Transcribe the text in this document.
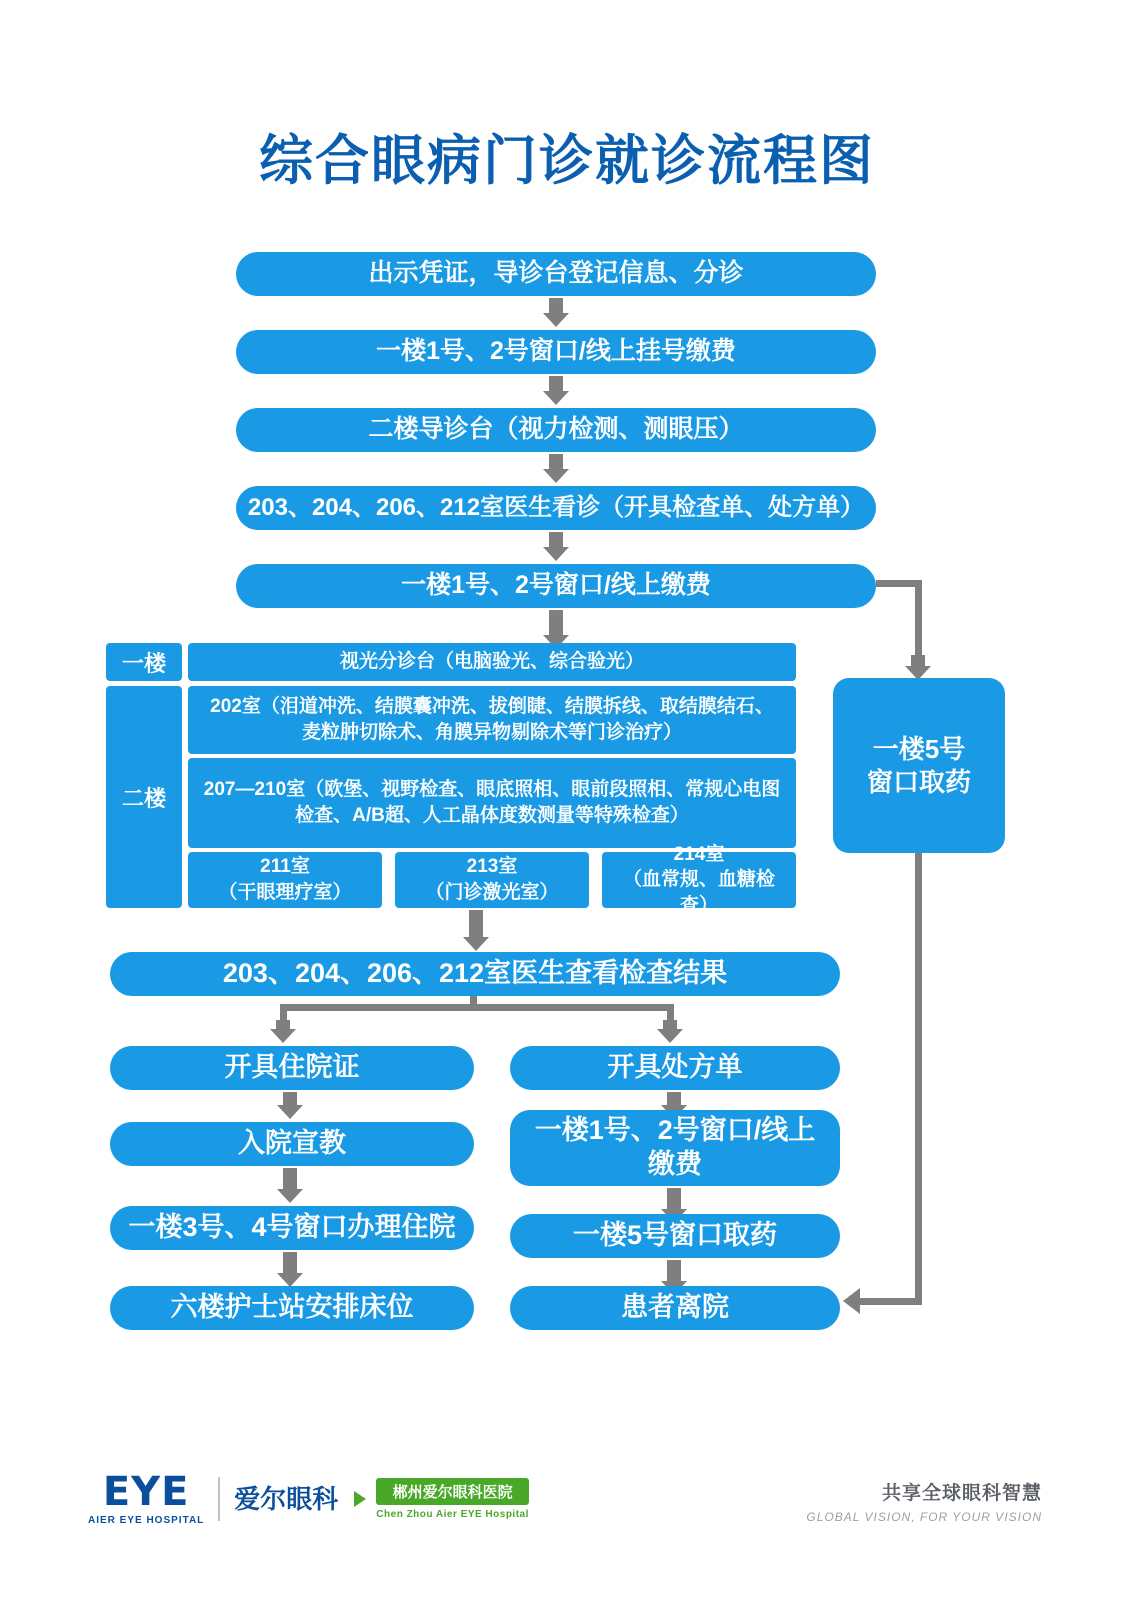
综合眼病门诊就诊流程图
出示凭证，导诊台登记信息、分诊
一楼1号、2号窗口/线上挂号缴费
二楼导诊台（视力检测、测眼压）
203、204、206、212室医生看诊（开具检查单、处方单）
一楼1号、2号窗口/线上缴费
一楼5号
窗口取药
一楼
二楼
视光分诊台（电脑验光、综合验光）
202室（泪道冲洗、结膜囊冲洗、拔倒睫、结膜拆线、取结膜结石、麦粒肿切除术、角膜异物剔除术等门诊治疗）
207—210室（欧堡、视野检查、眼底照相、眼前段照相、常规心电图检查、A/B超、人工晶体度数测量等特殊检查）
211室
（干眼理疗室）
213室
（门诊激光室）
214室
（血常规、血糖检查）
203、204、206、212室医生查看检查结果
开具住院证
入院宣教
一楼3号、4号窗口办理住院
六楼护士站安排床位
开具处方单
一楼1号、2号窗口/线上
缴费
一楼5号窗口取药
患者离院
EYE
AIER EYE HOSPITAL
爱尔眼科	郴州爱尔眼科医院
Chen Zhou Aier EYE Hospital
共享全球眼科智慧
GLOBAL VISION, FOR YOUR VISION
